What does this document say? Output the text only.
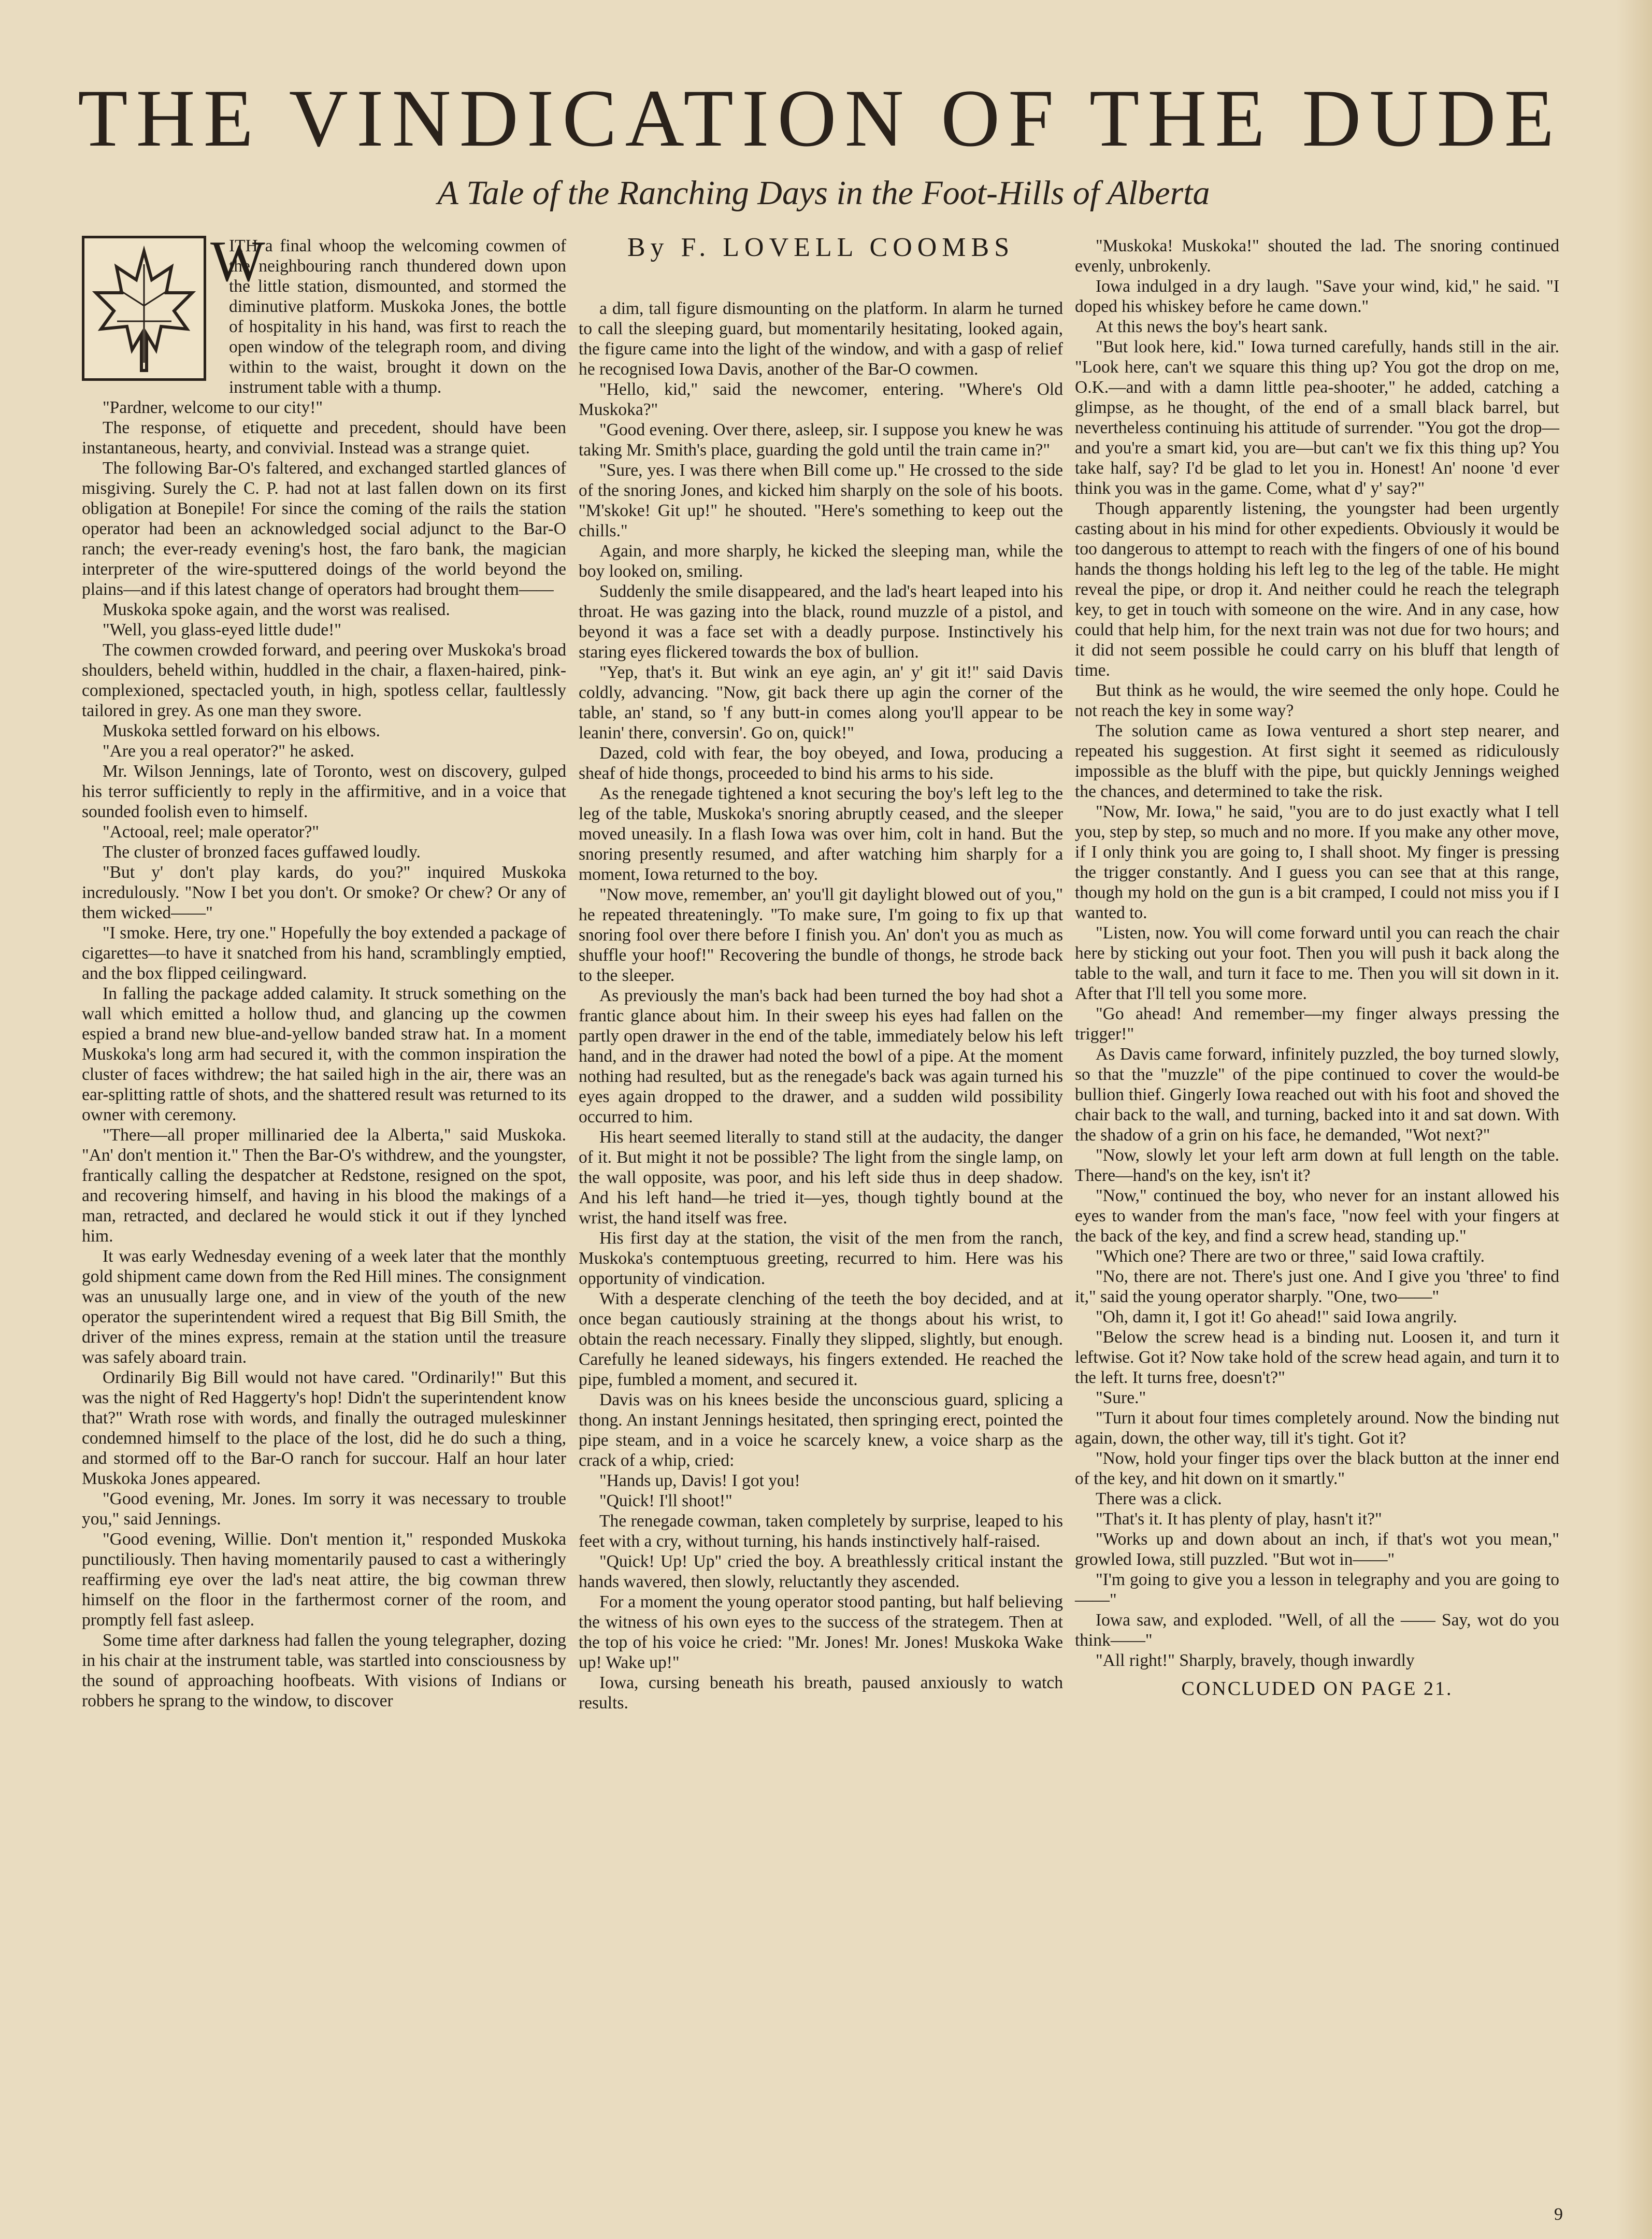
THE VINDICATION OF THE DUDE
A Tale of the Ranching Days in the Foot-Hills of Alberta
W

ITH a final whoop the welcoming cowmen of the neighbouring ranch thundered down upon the little station, dismounted, and stormed the diminutive platform. Muskoka Jones, the bottle of hospitality in his hand, was first to reach the open window of the telegraph room, and diving within to the waist, brought it down on the instrument table with a thump.

"Pardner, welcome to our city!"

The response, of etiquette and precedent, should have been instantaneous, hearty, and convivial. Instead was a strange quiet.

The following Bar-O's faltered, and exchanged startled glances of misgiving. Surely the C. P. had not at last fallen down on its first obligation at Bonepile! For since the coming of the rails the station operator had been an acknowledged social adjunct to the Bar-O ranch; the ever-ready evening's host, the faro bank, the magician interpreter of the wire-sputtered doings of the world beyond the plains—and if this latest change of operators had brought them——

Muskoka spoke again, and the worst was realised.

"Well, you glass-eyed little dude!"

The cowmen crowded forward, and peering over Muskoka's broad shoulders, beheld within, huddled in the chair, a flaxen-haired, pink-complexioned, spectacled youth, in high, spotless cellar, faultlessly tailored in grey. As one man they swore.

Muskoka settled forward on his elbows.

"Are you a real operator?" he asked.

Mr. Wilson Jennings, late of Toronto, west on discovery, gulped his terror sufficiently to reply in the affirmitive, and in a voice that sounded foolish even to himself.

"Actooal, reel; male operator?"

The cluster of bronzed faces guffawed loudly.

"But y' don't play kards, do you?" inquired Muskoka incredulously. "Now I bet you don't. Or smoke? Or chew? Or any of them wicked——"

"I smoke. Here, try one." Hopefully the boy extended a package of cigarettes—to have it snatched from his hand, scramblingly emptied, and the box flipped ceilingward.

In falling the package added calamity. It struck something on the wall which emitted a hollow thud, and glancing up the cowmen espied a brand new blue-and-yellow banded straw hat. In a moment Muskoka's long arm had secured it, with the common inspiration the cluster of faces withdrew; the hat sailed high in the air, there was an ear-splitting rattle of shots, and the shattered result was returned to its owner with ceremony.

"There—all proper millinaried dee la Alberta," said Muskoka. "An' don't mention it." Then the Bar-O's withdrew, and the youngster, frantically calling the despatcher at Redstone, resigned on the spot, and recovering himself, and having in his blood the makings of a man, retracted, and declared he would stick it out if they lynched him.

It was early Wednesday evening of a week later that the monthly gold shipment came down from the Red Hill mines. The consignment was an unusually large one, and in view of the youth of the new operator the superintendent wired a request that Big Bill Smith, the driver of the mines express, remain at the station until the treasure was safely aboard train.

Ordinarily Big Bill would not have cared. "Ordinarily!" But this was the night of Red Haggerty's hop! Didn't the superintendent know that?" Wrath rose with words, and finally the outraged muleskinner condemned himself to the place of the lost, did he do such a thing, and stormed off to the Bar-O ranch for succour. Half an hour later Muskoka Jones appeared.

"Good evening, Mr. Jones. Im sorry it was necessary to trouble you," said Jennings.

"Good evening, Willie. Don't mention it," responded Muskoka punctiliously. Then having momentarily paused to cast a witheringly reaffirming eye over the lad's neat attire, the big cowman threw himself on the floor in the farthermost corner of the room, and promptly fell fast asleep.

Some time after darkness had fallen the young telegrapher, dozing in his chair at the instrument table, was startled into consciousness by the sound of approaching hoofbeats. With visions of Indians or robbers he sprang to the window, to discover

By F. LOVELL COOMBS

a dim, tall figure dismounting on the platform. In alarm he turned to call the sleeping guard, but momentarily hesitating, looked again, the figure came into the light of the window, and with a gasp of relief he recognised Iowa Davis, another of the Bar-O cowmen.

"Hello, kid," said the newcomer, entering. "Where's Old Muskoka?"

"Good evening. Over there, asleep, sir. I suppose you knew he was taking Mr. Smith's place, guarding the gold until the train came in?"

"Sure, yes. I was there when Bill come up." He crossed to the side of the snoring Jones, and kicked him sharply on the sole of his boots. "M'skoke! Git up!" he shouted. "Here's something to keep out the chills."

Again, and more sharply, he kicked the sleeping man, while the boy looked on, smiling.

Suddenly the smile disappeared, and the lad's heart leaped into his throat. He was gazing into the black, round muzzle of a pistol, and beyond it was a face set with a deadly purpose. Instinctively his staring eyes flickered towards the box of bullion.

"Yep, that's it. But wink an eye agin, an' y' git it!" said Davis coldly, advancing. "Now, git back there up agin the corner of the table, an' stand, so 'f any butt-in comes along you'll appear to be leanin' there, conversin'. Go on, quick!"

Dazed, cold with fear, the boy obeyed, and Iowa, producing a sheaf of hide thongs, proceeded to bind his arms to his side.

As the renegade tightened a knot securing the boy's left leg to the leg of the table, Muskoka's snoring abruptly ceased, and the sleeper moved uneasily. In a flash Iowa was over him, colt in hand. But the snoring presently resumed, and after watching him sharply for a moment, Iowa returned to the boy.

"Now move, remember, an' you'll git daylight blowed out of you," he repeated threateningly. "To make sure, I'm going to fix up that snoring fool over there before I finish you. An' don't you as much as shuffle your hoof!" Recovering the bundle of thongs, he strode back to the sleeper.

As previously the man's back had been turned the boy had shot a frantic glance about him. In their sweep his eyes had fallen on the partly open drawer in the end of the table, immediately below his left hand, and in the drawer had noted the bowl of a pipe. At the moment nothing had resulted, but as the renegade's back was again turned his eyes again dropped to the drawer, and a sudden wild possibility occurred to him.

His heart seemed literally to stand still at the audacity, the danger of it. But might it not be possible? The light from the single lamp, on the wall opposite, was poor, and his left side thus in deep shadow. And his left hand—he tried it—yes, though tightly bound at the wrist, the hand itself was free.

His first day at the station, the visit of the men from the ranch, Muskoka's contemptuous greeting, recurred to him. Here was his opportunity of vindication.

With a desperate clenching of the teeth the boy decided, and at once began cautiously straining at the thongs about his wrist, to obtain the reach necessary. Finally they slipped, slightly, but enough. Carefully he leaned sideways, his fingers extended. He reached the pipe, fumbled a moment, and secured it.

Davis was on his knees beside the unconscious guard, splicing a thong. An instant Jennings hesitated, then springing erect, pointed the pipe steam, and in a voice he scarcely knew, a voice sharp as the crack of a whip, cried:

"Hands up, Davis! I got you!

"Quick! I'll shoot!"

The renegade cowman, taken completely by surprise, leaped to his feet with a cry, without turning, his hands instinctively half-raised.

"Quick! Up! Up" cried the boy. A breathlessly critical instant the hands wavered, then slowly, reluctantly they ascended.

For a moment the young operator stood panting, but half believing the witness of his own eyes to the success of the strategem. Then at the top of his voice he cried: "Mr. Jones! Mr. Jones! Muskoka Wake up! Wake up!"

Iowa, cursing beneath his breath, paused anxiously to watch results.

"Muskoka! Muskoka!" shouted the lad. The snoring continued evenly, unbrokenly.

Iowa indulged in a dry laugh. "Save your wind, kid," he said. "I doped his whiskey before he came down."

At this news the boy's heart sank.

"But look here, kid." Iowa turned carefully, hands still in the air. "Look here, can't we square this thing up? You got the drop on me, O.K.—and with a damn little pea-shooter," he added, catching a glimpse, as he thought, of the end of a small black barrel, but nevertheless continuing his attitude of surrender. "You got the drop—and you're a smart kid, you are—but can't we fix this thing up? You take half, say? I'd be glad to let you in. Honest! An' noone 'd ever think you was in the game. Come, what d' y' say?"

Though apparently listening, the youngster had been urgently casting about in his mind for other expedients. Obviously it would be too dangerous to attempt to reach with the fingers of one of his bound hands the thongs holding his left leg to the leg of the table. He might reveal the pipe, or drop it. And neither could he reach the telegraph key, to get in touch with someone on the wire. And in any case, how could that help him, for the next train was not due for two hours; and it did not seem possible he could carry on his bluff that length of time.

But think as he would, the wire seemed the only hope. Could he not reach the key in some way?

The solution came as Iowa ventured a short step nearer, and repeated his suggestion. At first sight it seemed as ridiculously impossible as the bluff with the pipe, but quickly Jennings weighed the chances, and determined to take the risk.

"Now, Mr. Iowa," he said, "you are to do just exactly what I tell you, step by step, so much and no more. If you make any other move, if I only think you are going to, I shall shoot. My finger is pressing the trigger constantly. And I guess you can see that at this range, though my hold on the gun is a bit cramped, I could not miss you if I wanted to.

"Listen, now. You will come forward until you can reach the chair here by sticking out your foot. Then you will push it back along the table to the wall, and turn it face to me. Then you will sit down in it. After that I'll tell you some more.

"Go ahead! And remember—my finger always pressing the trigger!"

As Davis came forward, infinitely puzzled, the boy turned slowly, so that the "muzzle" of the pipe continued to cover the would-be bullion thief. Gingerly Iowa reached out with his foot and shoved the chair back to the wall, and turning, backed into it and sat down. With the shadow of a grin on his face, he demanded, "Wot next?"

"Now, slowly let your left arm down at full length on the table. There—hand's on the key, isn't it?

"Now," continued the boy, who never for an instant allowed his eyes to wander from the man's face, "now feel with your fingers at the back of the key, and find a screw head, standing up."

"Which one? There are two or three," said Iowa craftily.

"No, there are not. There's just one. And I give you 'three' to find it," said the young operator sharply. "One, two——"

"Oh, damn it, I got it! Go ahead!" said Iowa angrily.

"Below the screw head is a binding nut. Loosen it, and turn it leftwise. Got it? Now take hold of the screw head again, and turn it to the left. It turns free, doesn't?"

"Sure."

"Turn it about four times completely around. Now the binding nut again, down, the other way, till it's tight. Got it?

"Now, hold your finger tips over the black button at the inner end of the key, and hit down on it smartly."

There was a click.

"That's it. It has plenty of play, hasn't it?"

"Works up and down about an inch, if that's wot you mean," growled Iowa, still puzzled. "But wot in——"

"I'm going to give you a lesson in telegraphy and you are going to——"

Iowa saw, and exploded. "Well, of all the —— Say, wot do you think——"

"All right!" Sharply, bravely, though inwardly

CONCLUDED ON PAGE 21.
9
